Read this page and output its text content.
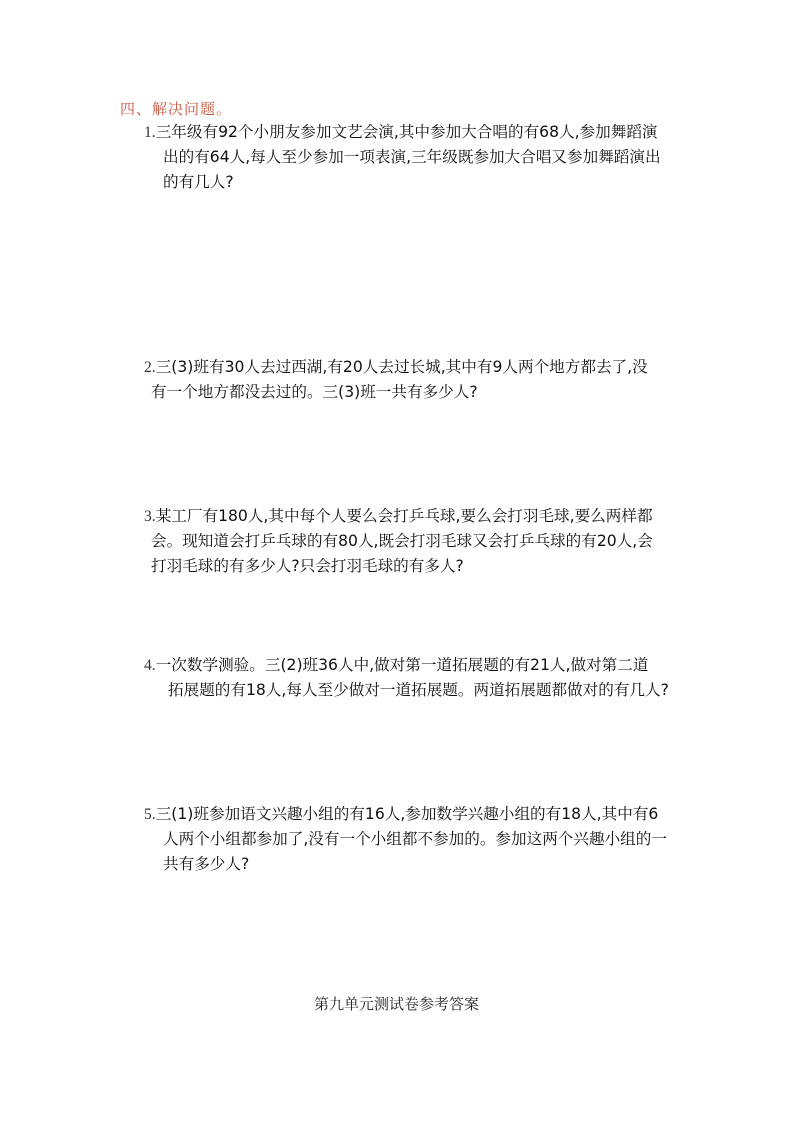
四、解决问题。
1.三年级有92个小朋友参加文艺会演,其中参加大合唱的有68人,参加舞蹈演
出的有64人,每人至少参加一项表演,三年级既参加大合唱又参加舞蹈演出
的有几人?
2.三(3)班有30人去过西湖,有20人去过长城,其中有9人两个地方都去了,没
有一个地方都没去过的。三(3)班一共有多少人?
3.某工厂有180人,其中每个人要么会打乒乓球,要么会打羽毛球,要么两样都
会。现知道会打乒乓球的有80人,既会打羽毛球又会打乒乓球的有20人,会
打羽毛球的有多少人?只会打羽毛球的有多人?
4.一次数学测验。三(2)班36人中,做对第一道拓展题的有21人,做对第二道
拓展题的有18人,每人至少做对一道拓展题。两道拓展题都做对的有几人?
5.三(1)班参加语文兴趣小组的有16人,参加数学兴趣小组的有18人,其中有6
人两个小组都参加了,没有一个小组都不参加的。参加这两个兴趣小组的一
共有多少人?
第九单元测试卷参考答案
